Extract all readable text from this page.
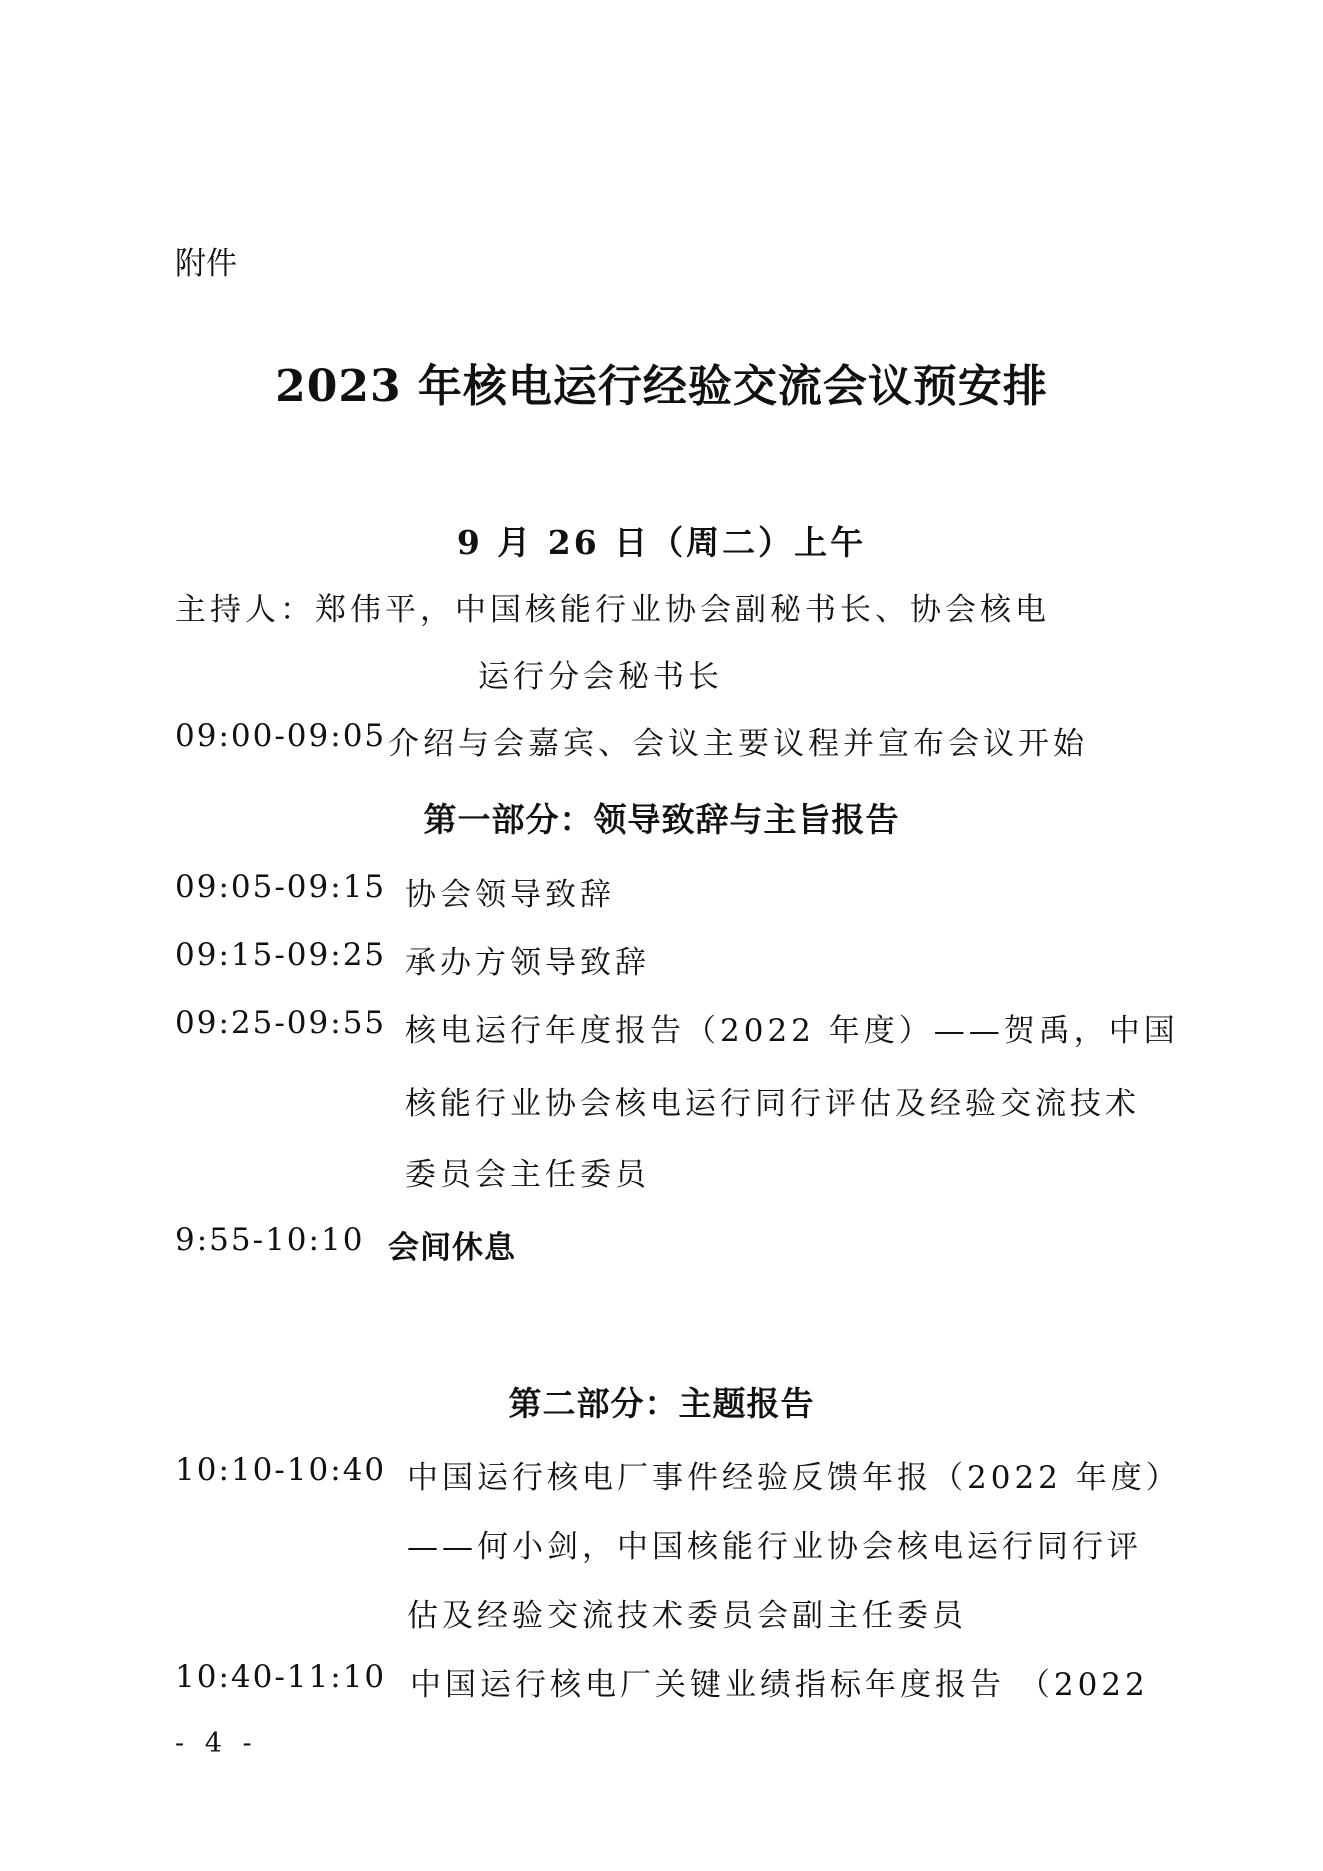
附件
2023 年核电运行经验交流会议预安排
9 月 26 日（周二）上午
主持人：郑伟平，中国核能行业协会副秘书长、协会核电
运行分会秘书长
09:00-09:05 介绍与会嘉宾、会议主要议程并宣布会议开始
第一部分：领导致辞与主旨报告
09:05-09:15 协会领导致辞
09:15-09:25 承办方领导致辞
09:25-09:55 核电运行年度报告（2022 年度）——贺禹，中国
核能行业协会核电运行同行评估及经验交流技术
委员会主任委员
9:55-10:10 会间休息
第二部分：主题报告
10:10-10:40 中国运行核电厂事件经验反馈年报（2022 年度）
——何小剑，中国核能行业协会核电运行同行评
估及经验交流技术委员会副主任委员
10:40-11:10 中国运行核电厂关键业绩指标年度报告 （2022
- 4 -
